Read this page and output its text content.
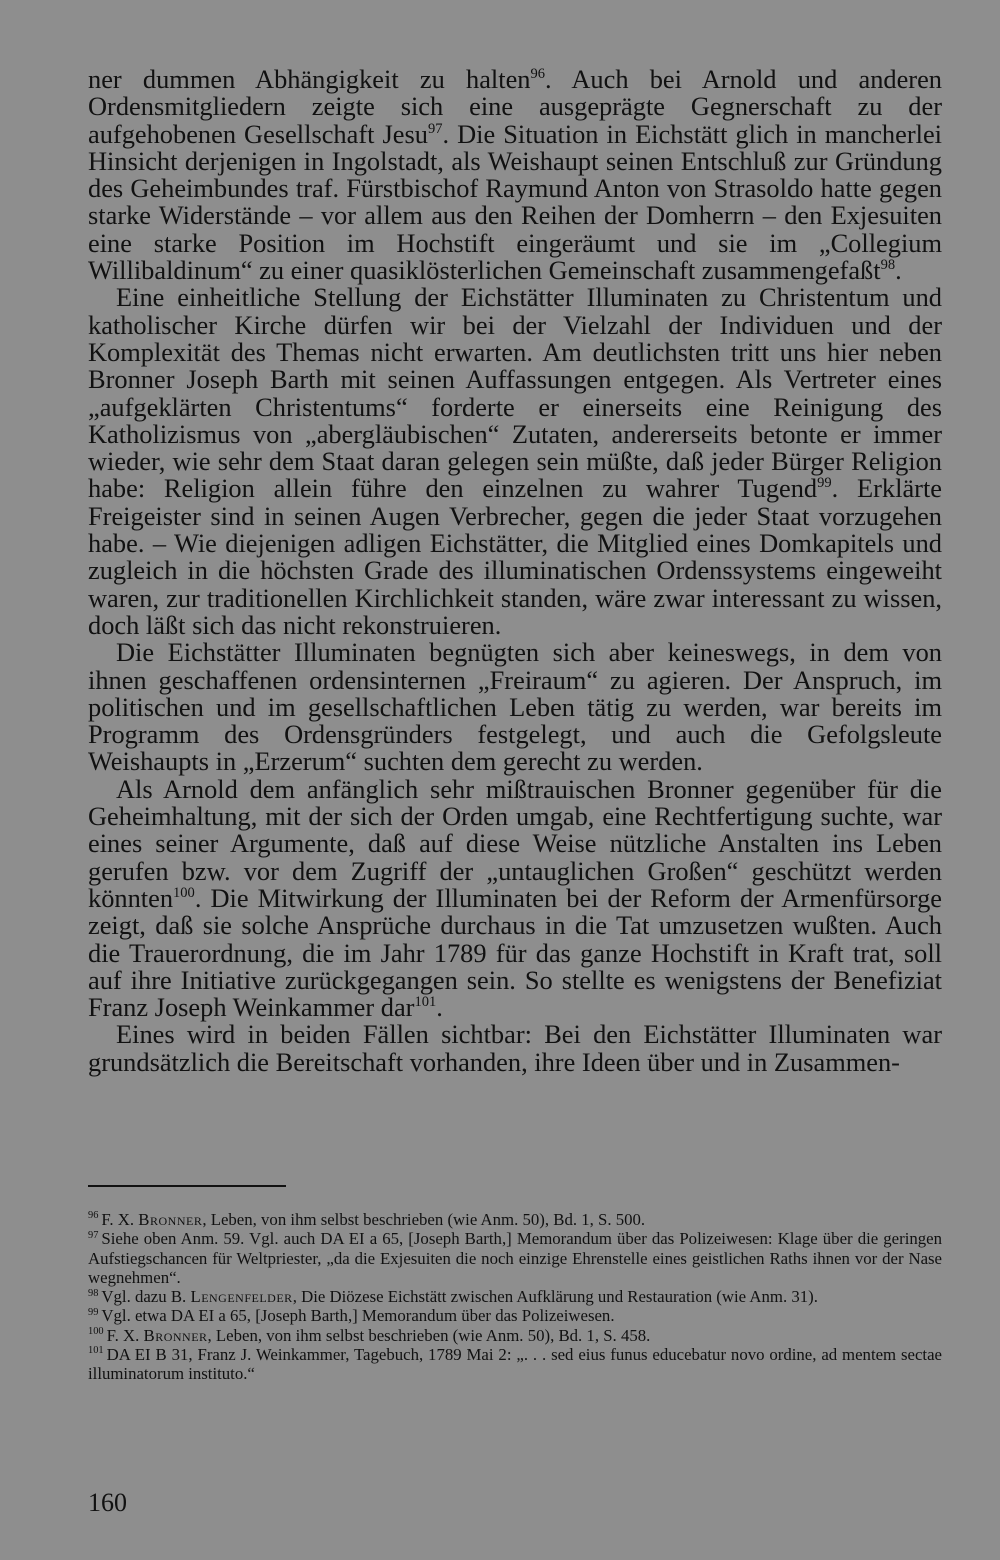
ner dummen Abhängigkeit zu halten$^{96}$. Auch bei Arnold und anderen Ordensmitgliedern zeigte sich eine ausgeprägte Gegnerschaft zu der aufgehobenen Gesellschaft Jesu$^{97}$. Die Situation in Eichstätt glich in mancherlei Hinsicht derjenigen in Ingolstadt, als Weishaupt seinen Entschluß zur Gründung des Geheimbundes traf. Fürstbischof Raymund Anton von Strasoldo hatte gegen starke Widerstände – vor allem aus den Reihen der Domherrn – den Exjesuiten eine starke Position im Hochstift eingeräumt und sie im „Collegium Willibaldinum“ zu einer quasiklösterlichen Gemeinschaft zusammengefaßt$^{98}$.

Eine einheitliche Stellung der Eichstätter Illuminaten zu Christentum und katholischer Kirche dürfen wir bei der Vielzahl der Individuen und der Komplexität des Themas nicht erwarten. Am deutlichsten tritt uns hier neben Bronner Joseph Barth mit seinen Auffassungen entgegen. Als Vertreter eines „aufgeklärten Christentums“ forderte er einerseits eine Reinigung des Katholizismus von „abergläubischen“ Zutaten, andererseits betonte er immer wieder, wie sehr dem Staat daran gelegen sein müßte, daß jeder Bürger Religion habe: Religion allein führe den einzelnen zu wahrer Tugend$^{99}$. Erklärte Freigeister sind in seinen Augen Verbrecher, gegen die jeder Staat vorzugehen habe. – Wie diejenigen adligen Eichstätter, die Mitglied eines Domkapitels und zugleich in die höchsten Grade des illuminatischen Ordenssystems eingeweiht waren, zur traditionellen Kirchlichkeit standen, wäre zwar interessant zu wissen, doch läßt sich das nicht rekonstruieren.

Die Eichstätter Illuminaten begnügten sich aber keineswegs, in dem von ihnen geschaffenen ordensinternen „Freiraum“ zu agieren. Der Anspruch, im politischen und im gesellschaftlichen Leben tätig zu werden, war bereits im Programm des Ordensgründers festgelegt, und auch die Gefolgsleute Weishaupts in „Erzerum“ suchten dem gerecht zu werden.

Als Arnold dem anfänglich sehr mißtrauischen Bronner gegenüber für die Geheimhaltung, mit der sich der Orden umgab, eine Rechtfertigung suchte, war eines seiner Argumente, daß auf diese Weise nützliche Anstalten ins Leben gerufen bzw. vor dem Zugriff der „untauglichen Großen“ geschützt werden könnten$^{100}$. Die Mitwirkung der Illuminaten bei der Reform der Armenfürsorge zeigt, daß sie solche Ansprüche durchaus in die Tat umzusetzen wußten. Auch die Trauerordnung, die im Jahr 1789 für das ganze Hochstift in Kraft trat, soll auf ihre Initiative zurückgegangen sein. So stellte es wenigstens der Benefiziat Franz Joseph Weinkammer dar$^{101}$.

Eines wird in beiden Fällen sichtbar: Bei den Eichstätter Illuminaten war grundsätzlich die Bereitschaft vorhanden, ihre Ideen über und in Zusammen-

$^{96}$ F. X. Bronner, Leben, von ihm selbst beschrieben (wie Anm. 50), Bd. 1, S. 500.

$^{97}$ Siehe oben Anm. 59. Vgl. auch DA EI a 65, [Joseph Barth,] Memorandum über das Polizeiwesen: Klage über die geringen Aufstiegschancen für Weltpriester, „da die Exjesuiten die noch einzige Ehrenstelle eines geistlichen Raths ihnen vor der Nase wegnehmen“.

$^{98}$ Vgl. dazu B. Lengenfelder, Die Diözese Eichstätt zwischen Aufklärung und Restauration (wie Anm. 31).

$^{99}$ Vgl. etwa DA EI a 65, [Joseph Barth,] Memorandum über das Polizeiwesen.

$^{100}$ F. X. Bronner, Leben, von ihm selbst beschrieben (wie Anm. 50), Bd. 1, S. 458.

$^{101}$ DA EI B 31, Franz J. Weinkammer, Tagebuch, 1789 Mai 2: „. . . sed eius funus educebatur novo ordine, ad mentem sectae illuminatorum instituto.“

160
